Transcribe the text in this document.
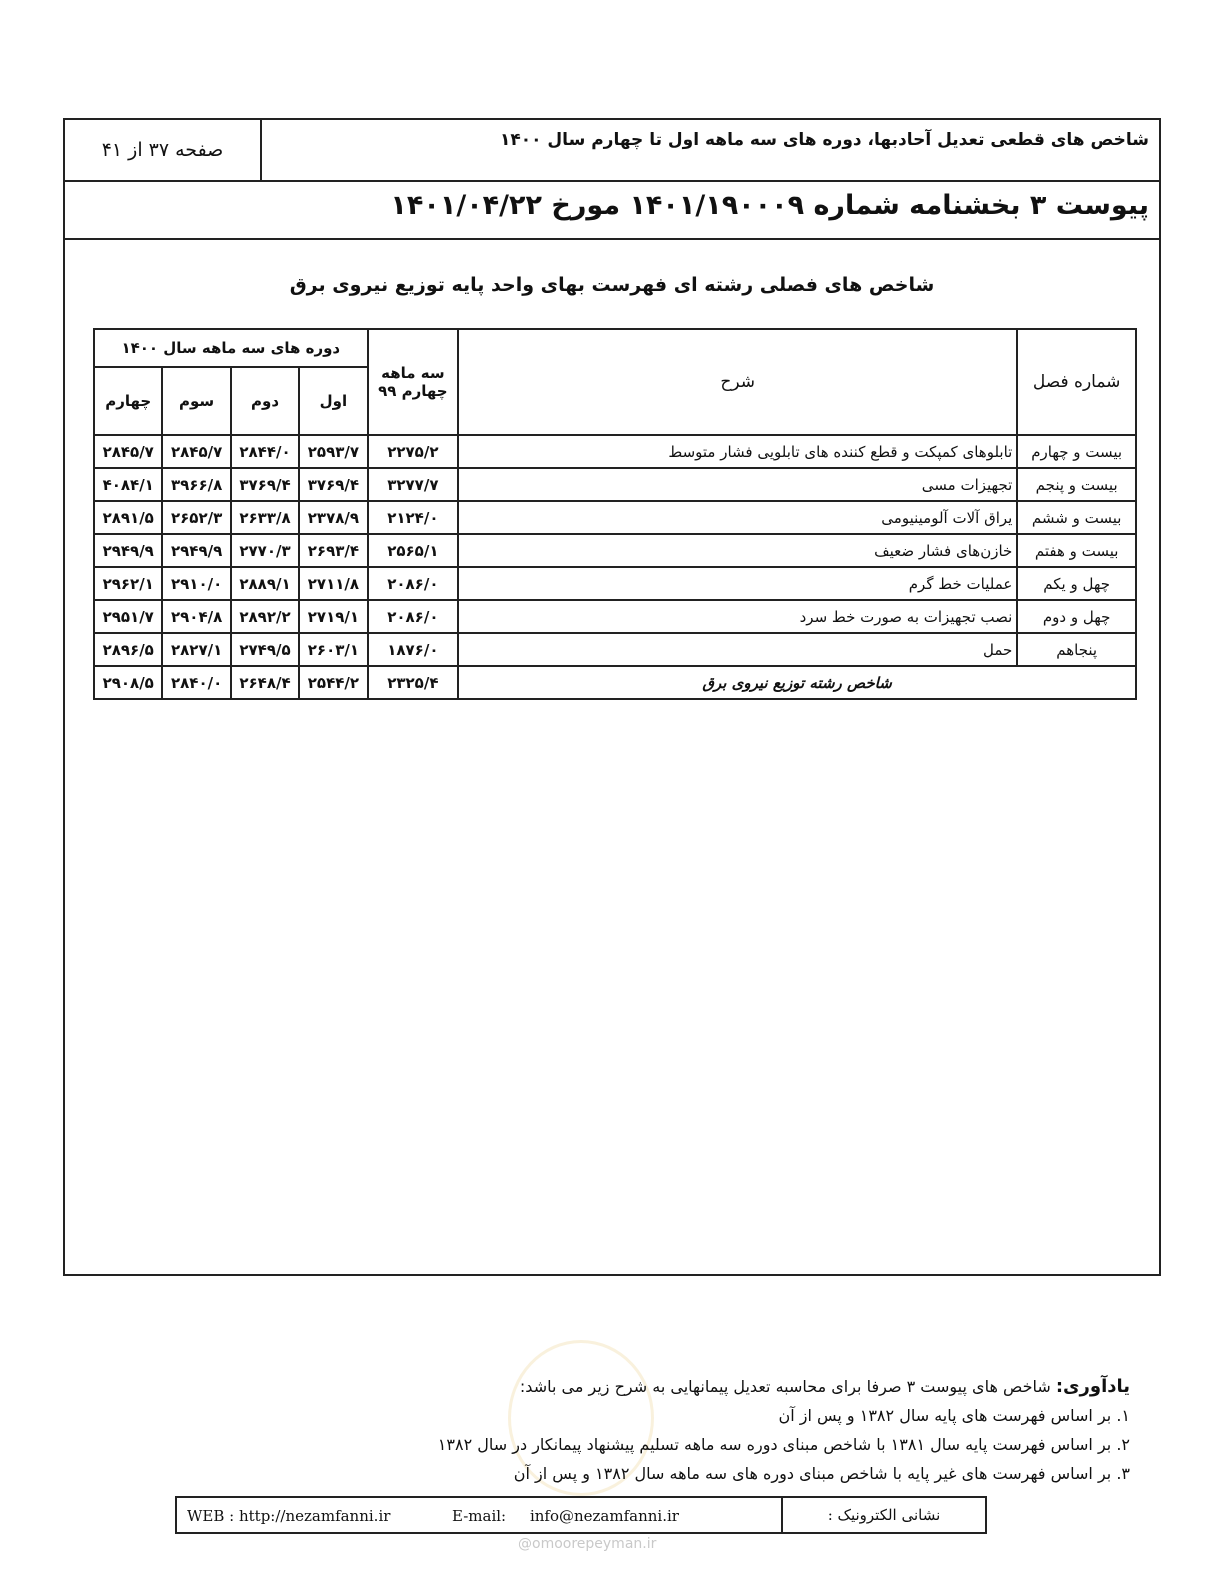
شاخص های قطعی تعدیل آحادبها، دوره های سه ماهه اول تا چهارم سال ۱۴۰۰
صفحه ۳۷ از ۴۱
پیوست ۳ بخشنامه شماره ۱۴۰۱/۱۹۰۰۰۹ مورخ ۱۴۰۱/۰۴/۲۲
شاخص های فصلی رشته ای فهرست بهای واحد پایه توزیع نیروی برق
شماره فصل	شرح	سه ماهه چهارم ۹۹	دوره های سه ماهه سال ۱۴۰۰			
			اول	دوم	سوم	چهارم
بیست و چهارم	تابلوهای کمپکت و قطع کننده های تابلویی فشار متوسط	۲۲۷۵/۲	۲۵۹۳/۷	۲۸۴۴/۰	۲۸۴۵/۷	۲۸۴۵/۷
بیست و پنجم	تجهیزات مسی	۳۲۷۷/۷	۳۷۶۹/۴	۳۷۶۹/۴	۳۹۶۶/۸	۴۰۸۴/۱
بیست و ششم	یراق آلات آلومینیومی	۲۱۲۴/۰	۲۳۷۸/۹	۲۶۳۳/۸	۲۶۵۲/۳	۲۸۹۱/۵
بیست و هفتم	خازن‌های فشار ضعیف	۲۵۶۵/۱	۲۶۹۳/۴	۲۷۷۰/۳	۲۹۴۹/۹	۲۹۴۹/۹
چهل و یکم	عملیات خط گرم	۲۰۸۶/۰	۲۷۱۱/۸	۲۸۸۹/۱	۲۹۱۰/۰	۲۹۶۲/۱
چهل و دوم	نصب تجهیزات به صورت خط سرد	۲۰۸۶/۰	۲۷۱۹/۱	۲۸۹۲/۲	۲۹۰۴/۸	۲۹۵۱/۷
پنجاهم	حمل	۱۸۷۶/۰	۲۶۰۳/۱	۲۷۴۹/۵	۲۸۲۷/۱	۲۸۹۶/۵
شاخص رشته توزیع نیروی برق		۲۳۲۵/۴	۲۵۴۴/۲	۲۶۴۸/۴	۲۸۴۰/۰	۲۹۰۸/۵
یادآوری: شاخص های پیوست ۳ صرفا برای محاسبه تعدیل پیمانهایی به شرح زیر می باشد:
۱. بر اساس فهرست های پایه سال ۱۳۸۲ و پس از آن
۲. بر اساس فهرست پایه سال ۱۳۸۱ با شاخص مبنای دوره سه ماهه تسلیم پیشنهاد پیمانکار در سال ۱۳۸۲
۳. بر اساس فهرست های غیر پایه با شاخص مبنای دوره های سه ماهه سال ۱۳۸۲ و پس از آن
نشانی الکترونیک :
WEB : http://nezamfanni.ir	E-mail:     info@nezamfanni.ir
@omoorepeyman.ir
